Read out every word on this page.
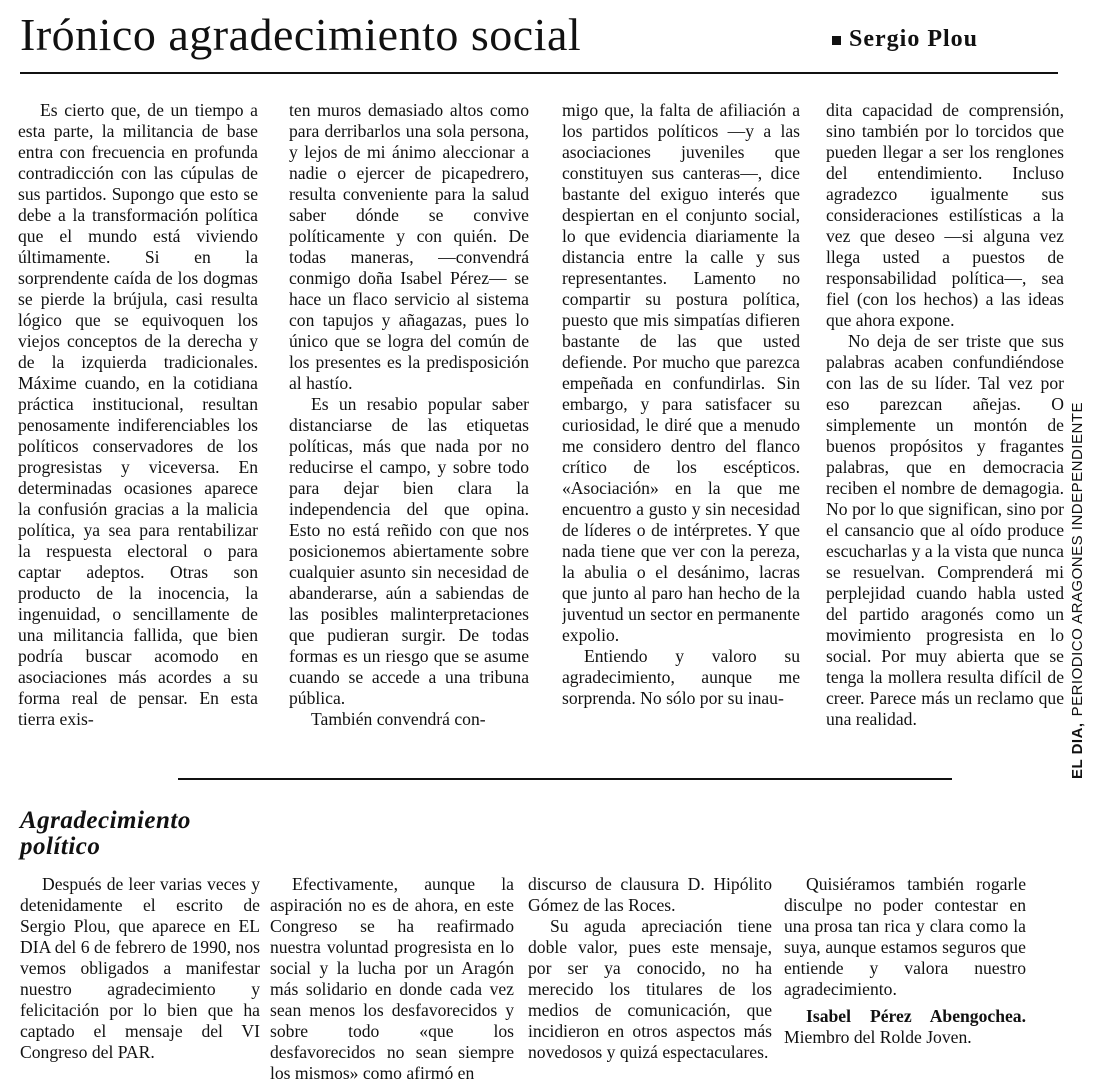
Irónico agradecimiento social	Sergio Plou

Es cierto que, de un tiempo a esta parte, la militancia de base entra con frecuencia en profunda contradicción con las cúpulas de sus partidos. Supongo que esto se debe a la transformación política que el mundo está viviendo últimamente. Si en la sorprendente caída de los dogmas se pierde la brújula, casi resulta lógico que se equivoquen los viejos conceptos de la derecha y de la izquierda tradicionales. Máxime cuando, en la cotidiana práctica institucional, resultan penosamente indiferenciables los políticos conservadores de los progresistas y viceversa. En determinadas ocasiones aparece la confusión gracias a la malicia política, ya sea para rentabilizar la respuesta electoral o para captar adeptos. Otras son producto de la inocencia, la ingenuidad, o sencillamente de una militancia fallida, que bien podría buscar acomodo en asociaciones más acordes a su forma real de pensar. En esta tierra exis-

ten muros demasiado altos como para derribarlos una sola persona, y lejos de mi ánimo aleccionar a nadie o ejercer de picapedrero, resulta conveniente para la salud saber dónde se convive políticamente y con quién. De todas maneras, —convendrá conmigo doña Isabel Pérez— se hace un flaco servicio al sistema con tapujos y añagazas, pues lo único que se logra del común de los presentes es la predisposición al hastío.

Es un resabio popular saber distanciarse de las etiquetas políticas, más que nada por no reducirse el campo, y sobre todo para dejar bien clara la independencia del que opina. Esto no está reñido con que nos posicionemos abiertamente sobre cualquier asunto sin necesidad de abanderarse, aún a sabiendas de las posibles malinterpretaciones que pudieran surgir. De todas formas es un riesgo que se asume cuando se accede a una tribuna pública.

También convendrá con-

migo que, la falta de afiliación a los partidos políticos —y a las asociaciones juveniles que constituyen sus canteras—, dice bastante del exiguo interés que despiertan en el conjunto social, lo que evidencia diariamente la distancia entre la calle y sus representantes. Lamento no compartir su postura política, puesto que mis simpatías difieren bastante de las que usted defiende. Por mucho que parezca empeñada en confundirlas. Sin embargo, y para satisfacer su curiosidad, le diré que a menudo me considero dentro del flanco crítico de los escépticos. «Asociación» en la que me encuentro a gusto y sin necesidad de líderes o de intérpretes. Y que nada tiene que ver con la pereza, la abulia o el desánimo, lacras que junto al paro han hecho de la juventud un sector en permanente expolio.

Entiendo y valoro su agradecimiento, aunque me sorprenda. No sólo por su inau-

dita capacidad de comprensión, sino también por lo torcidos que pueden llegar a ser los renglones del entendimiento. Incluso agradezco igualmente sus consideraciones estilísticas a la vez que deseo —si alguna vez llega usted a puestos de responsabilidad política—, sea fiel (con los hechos) a las ideas que ahora expone.

No deja de ser triste que sus palabras acaben confundiéndose con las de su líder. Tal vez por eso parezcan añejas. O simplemente un montón de buenos propósitos y fragantes palabras, que en democracia reciben el nombre de demagogia. No por lo que significan, sino por el cansancio que al oído produce escucharlas y a la vista que nunca se resuelvan. Comprenderá mi perplejidad cuando habla usted del partido aragonés como un movimiento progresista en lo social. Por muy abierta que se tenga la mollera resulta difícil de creer. Parece más un reclamo que una realidad.

EL DIA,PERIODICO ARAGONES INDEPENDIENTE
Agradecimiento
político

Después de leer varias veces y detenidamente el escrito de Sergio Plou, que aparece en EL DIA del 6 de febrero de 1990, nos vemos obligados a manifestar nuestro agradecimiento y felicitación por lo bien que ha captado el mensaje del VI Congreso del PAR.

Efectivamente, aunque la aspiración no es de ahora, en este Congreso se ha reafirmado nuestra voluntad progresista en lo social y la lucha por un Aragón más solidario en donde cada vez sean menos los desfavorecidos y sobre todo «que los desfavorecidos no sean siempre los mismos» como afirmó en

discurso de clausura D. Hipólito Gómez de las Roces.

Su aguda apreciación tiene doble valor, pues este mensaje, por ser ya conocido, no ha merecido los titulares de los medios de comunicación, que incidieron en otros aspectos más novedosos y quizá espectaculares.

Quisiéramos también rogarle disculpe no poder contestar en una prosa tan rica y clara como la suya, aunque estamos seguros que entiende y valora nuestro agradecimiento.

Isabel Pérez Abengochea. Miembro del Rolde Joven.
